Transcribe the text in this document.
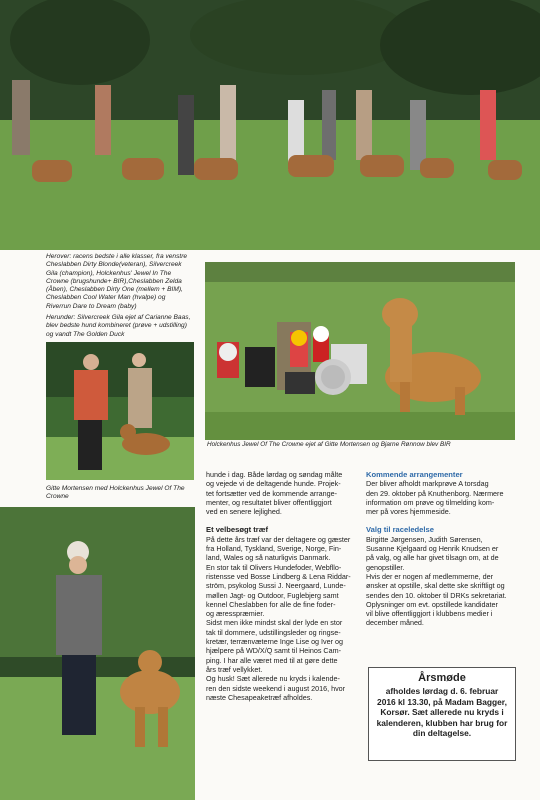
Herover: racens bedste i alle klasser, fra venstre
Cheslabben Dirty Blonde(veteran), Silvercreek
Gila (champion), Holckenhus' Jewel In The
Crowne (brugshunde+ BIR),Cheslabben Zelda
(Åben), Cheslabben Dirty One (mellem + BIM),
Cheslabben Cool Water Man (hvalpe) og
Riverrun Dare to Dream (baby)
Herunder: Silvercreek Gila ejet af Carianne Baas,
blev bedste hund kombineret (prøve + udstilling)
og vandt The Golden Duck
Holckenhus Jewel Of The Crowne ejet af Gitte Mortensen og Bjarne Rønnow blev BIR
Gitte Mortensen med Holckenhus Jewel Of The
Crowne

hunde i dag. Både lørdag og søndag målte

og vejede vi de deltagende hunde. Projek-

tet fortsætter ved de kommende arrange-

menter, og resultatet bliver offentliggjort

ved en senere lejlighed.

Et velbesøgt træf

På dette års træf var der deltagere og gæster

fra Holland, Tyskland, Sverige, Norge, Fin-

land, Wales og så naturligvis Danmark.

En stor tak til Olivers Hundefoder, Webfllo-

ristensse ved Bosse Lindberg & Lena Riddar-

ström, psykolog Sussi J. Neergaard, Lunde-

møllen Jagt- og Outdoor, Fuglebjerg samt

kennel Cheslabben for alle de fine foder-

og æresspræmier.

Sidst men ikke mindst skal der lyde en stor

tak til dommere, udstillingsleder og ringse-

kretær, terrænvæterne Inge Lise og Iver og

hjælpere på WD/X/Q samt til Heinos Cam-

ping. I har alle været med til at gøre dette

års træf vellykket.

Og husk! Sæt allerede nu kryds i kalende-

ren den sidste weekend i august 2016, hvor

næste Chesapeaketræf afholdes.

Kommende arrangementer

Der bliver afholdt markprøve A torsdag

den 29. oktober på Knuthenborg. Nærmere

information om prøve og tilmelding kom-

mer på vores hjemmeside.

Valg til raceledelse

Birgitte Jørgensen, Judith Sørensen,

Susanne Kjelgaard og Henrik Knudsen er

på valg, og alle har givet tilsagn om, at de

genopstiller.

Hvis der er nogen af medlemmerne, der

ønsker at opstille, skal dette ske skriftligt og

sendes den 10. oktober til DRKs sekretariat.

Oplysninger om evt. opstillede kandidater

vil blive offentliggjort i klubbens medier i

december måned.

Årsmøde
afholdes lørdag d. 6. februar
2016 kl 13.30, på Madam Bagger,
Korsør. Sæt allerede nu kryds i
kalenderen, klubben har brug for
din deltagelse.
